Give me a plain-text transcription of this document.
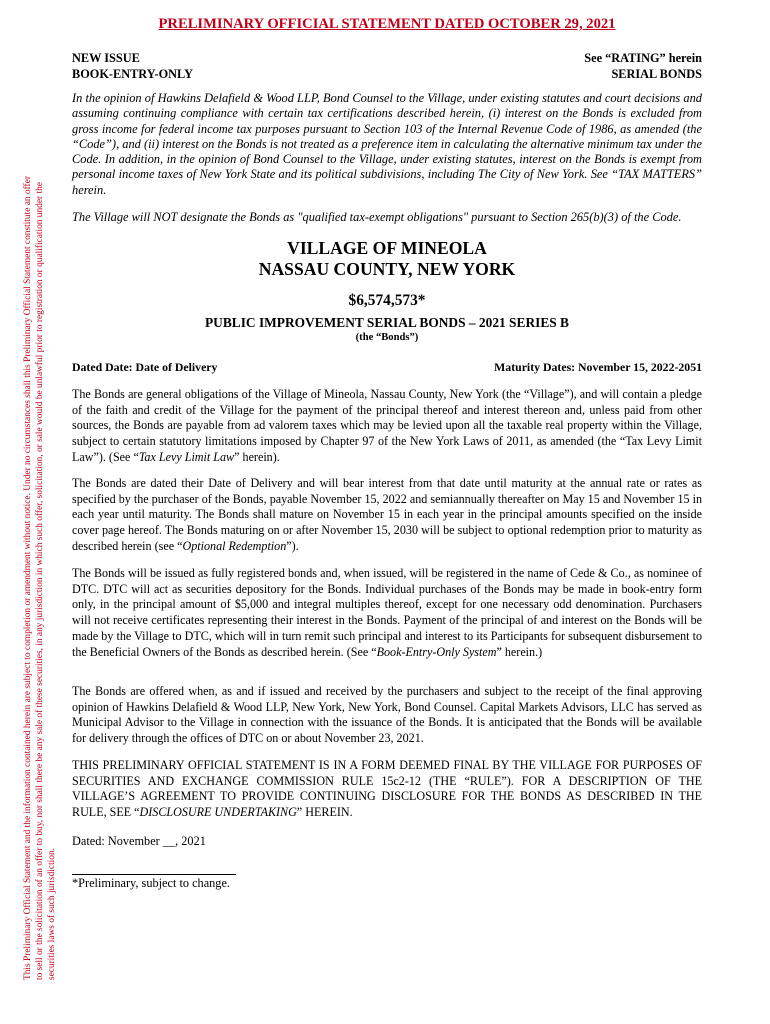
This Preliminary Official Statement and the information contained herein are subject to completion or amendment without notice. Under no circumstances shall this Preliminary Official Statement constitute an offer to sell or the solicitation of an offer to buy, nor shall there be any sale of these securities, in any jurisdiction in which such offer, solicitation, or sale would be unlawful prior to registration or qualification under the securities laws of such jurisdiction.
PRELIMINARY OFFICIAL STATEMENT DATED OCTOBER 29, 2021
NEW ISSUE
BOOK-ENTRY-ONLY
See “RATING” herein
SERIAL BONDS
In the opinion of Hawkins Delafield & Wood LLP, Bond Counsel to the Village, under existing statutes and court decisions and assuming continuing compliance with certain tax certifications described herein, (i) interest on the Bonds is excluded from gross income for federal income tax purposes pursuant to Section 103 of the Internal Revenue Code of 1986, as amended (the “Code”), and (ii) interest on the Bonds is not treated as a preference item in calculating the alternative minimum tax under the Code. In addition, in the opinion of Bond Counsel to the Village, under existing statutes, interest on the Bonds is exempt from personal income taxes of New York State and its political subdivisions, including The City of New York. See “TAX MATTERS” herein.
The Village will NOT designate the Bonds as "qualified tax-exempt obligations" pursuant to Section 265(b)(3) of the Code.
VILLAGE OF MINEOLA
NASSAU COUNTY, NEW YORK
$6,574,573*
PUBLIC IMPROVEMENT SERIAL BONDS – 2021 SERIES B
(the “Bonds”)
Dated Date: Date of Delivery	Maturity Dates: November 15, 2022-2051
The Bonds are general obligations of the Village of Mineola, Nassau County, New York (the “Village”), and will contain a pledge of the faith and credit of the Village for the payment of the principal thereof and interest thereon and, unless paid from other sources, the Bonds are payable from ad valorem taxes which may be levied upon all the taxable real property within the Village, subject to certain statutory limitations imposed by Chapter 97 of the New York Laws of 2011, as amended (the “Tax Levy Limit Law”). (See “Tax Levy Limit Law” herein).
The Bonds are dated their Date of Delivery and will bear interest from that date until maturity at the annual rate or rates as specified by the purchaser of the Bonds, payable November 15, 2022 and semiannually thereafter on May 15 and November 15 in each year until maturity. The Bonds shall mature on November 15 in each year in the principal amounts specified on the inside cover page hereof. The Bonds maturing on or after November 15, 2030 will be subject to optional redemption prior to maturity as described herein (see “Optional Redemption”).
The Bonds will be issued as fully registered bonds and, when issued, will be registered in the name of Cede & Co., as nominee of DTC. DTC will act as securities depository for the Bonds. Individual purchases of the Bonds may be made in book-entry form only, in the principal amount of $5,000 and integral multiples thereof, except for one necessary odd denomination. Purchasers will not receive certificates representing their interest in the Bonds. Payment of the principal of and interest on the Bonds will be made by the Village to DTC, which will in turn remit such principal and interest to its Participants for subsequent disbursement to the Beneficial Owners of the Bonds as described herein. (See “Book-Entry-Only System” herein.)
The Bonds are offered when, as and if issued and received by the purchasers and subject to the receipt of the final approving opinion of Hawkins Delafield & Wood LLP, New York, New York, Bond Counsel. Capital Markets Advisors, LLC has served as Municipal Advisor to the Village in connection with the issuance of the Bonds. It is anticipated that the Bonds will be available for delivery through the offices of DTC on or about November 23, 2021.
THIS PRELIMINARY OFFICIAL STATEMENT IS IN A FORM DEEMED FINAL BY THE VILLAGE FOR PURPOSES OF SECURITIES AND EXCHANGE COMMISSION RULE 15c2-12 (THE “RULE”). FOR A DESCRIPTION OF THE VILLAGE’S AGREEMENT TO PROVIDE CONTINUING DISCLOSURE FOR THE BONDS AS DESCRIBED IN THE RULE, SEE “DISCLOSURE UNDERTAKING” HEREIN.
Dated: November __, 2021
*Preliminary, subject to change.
